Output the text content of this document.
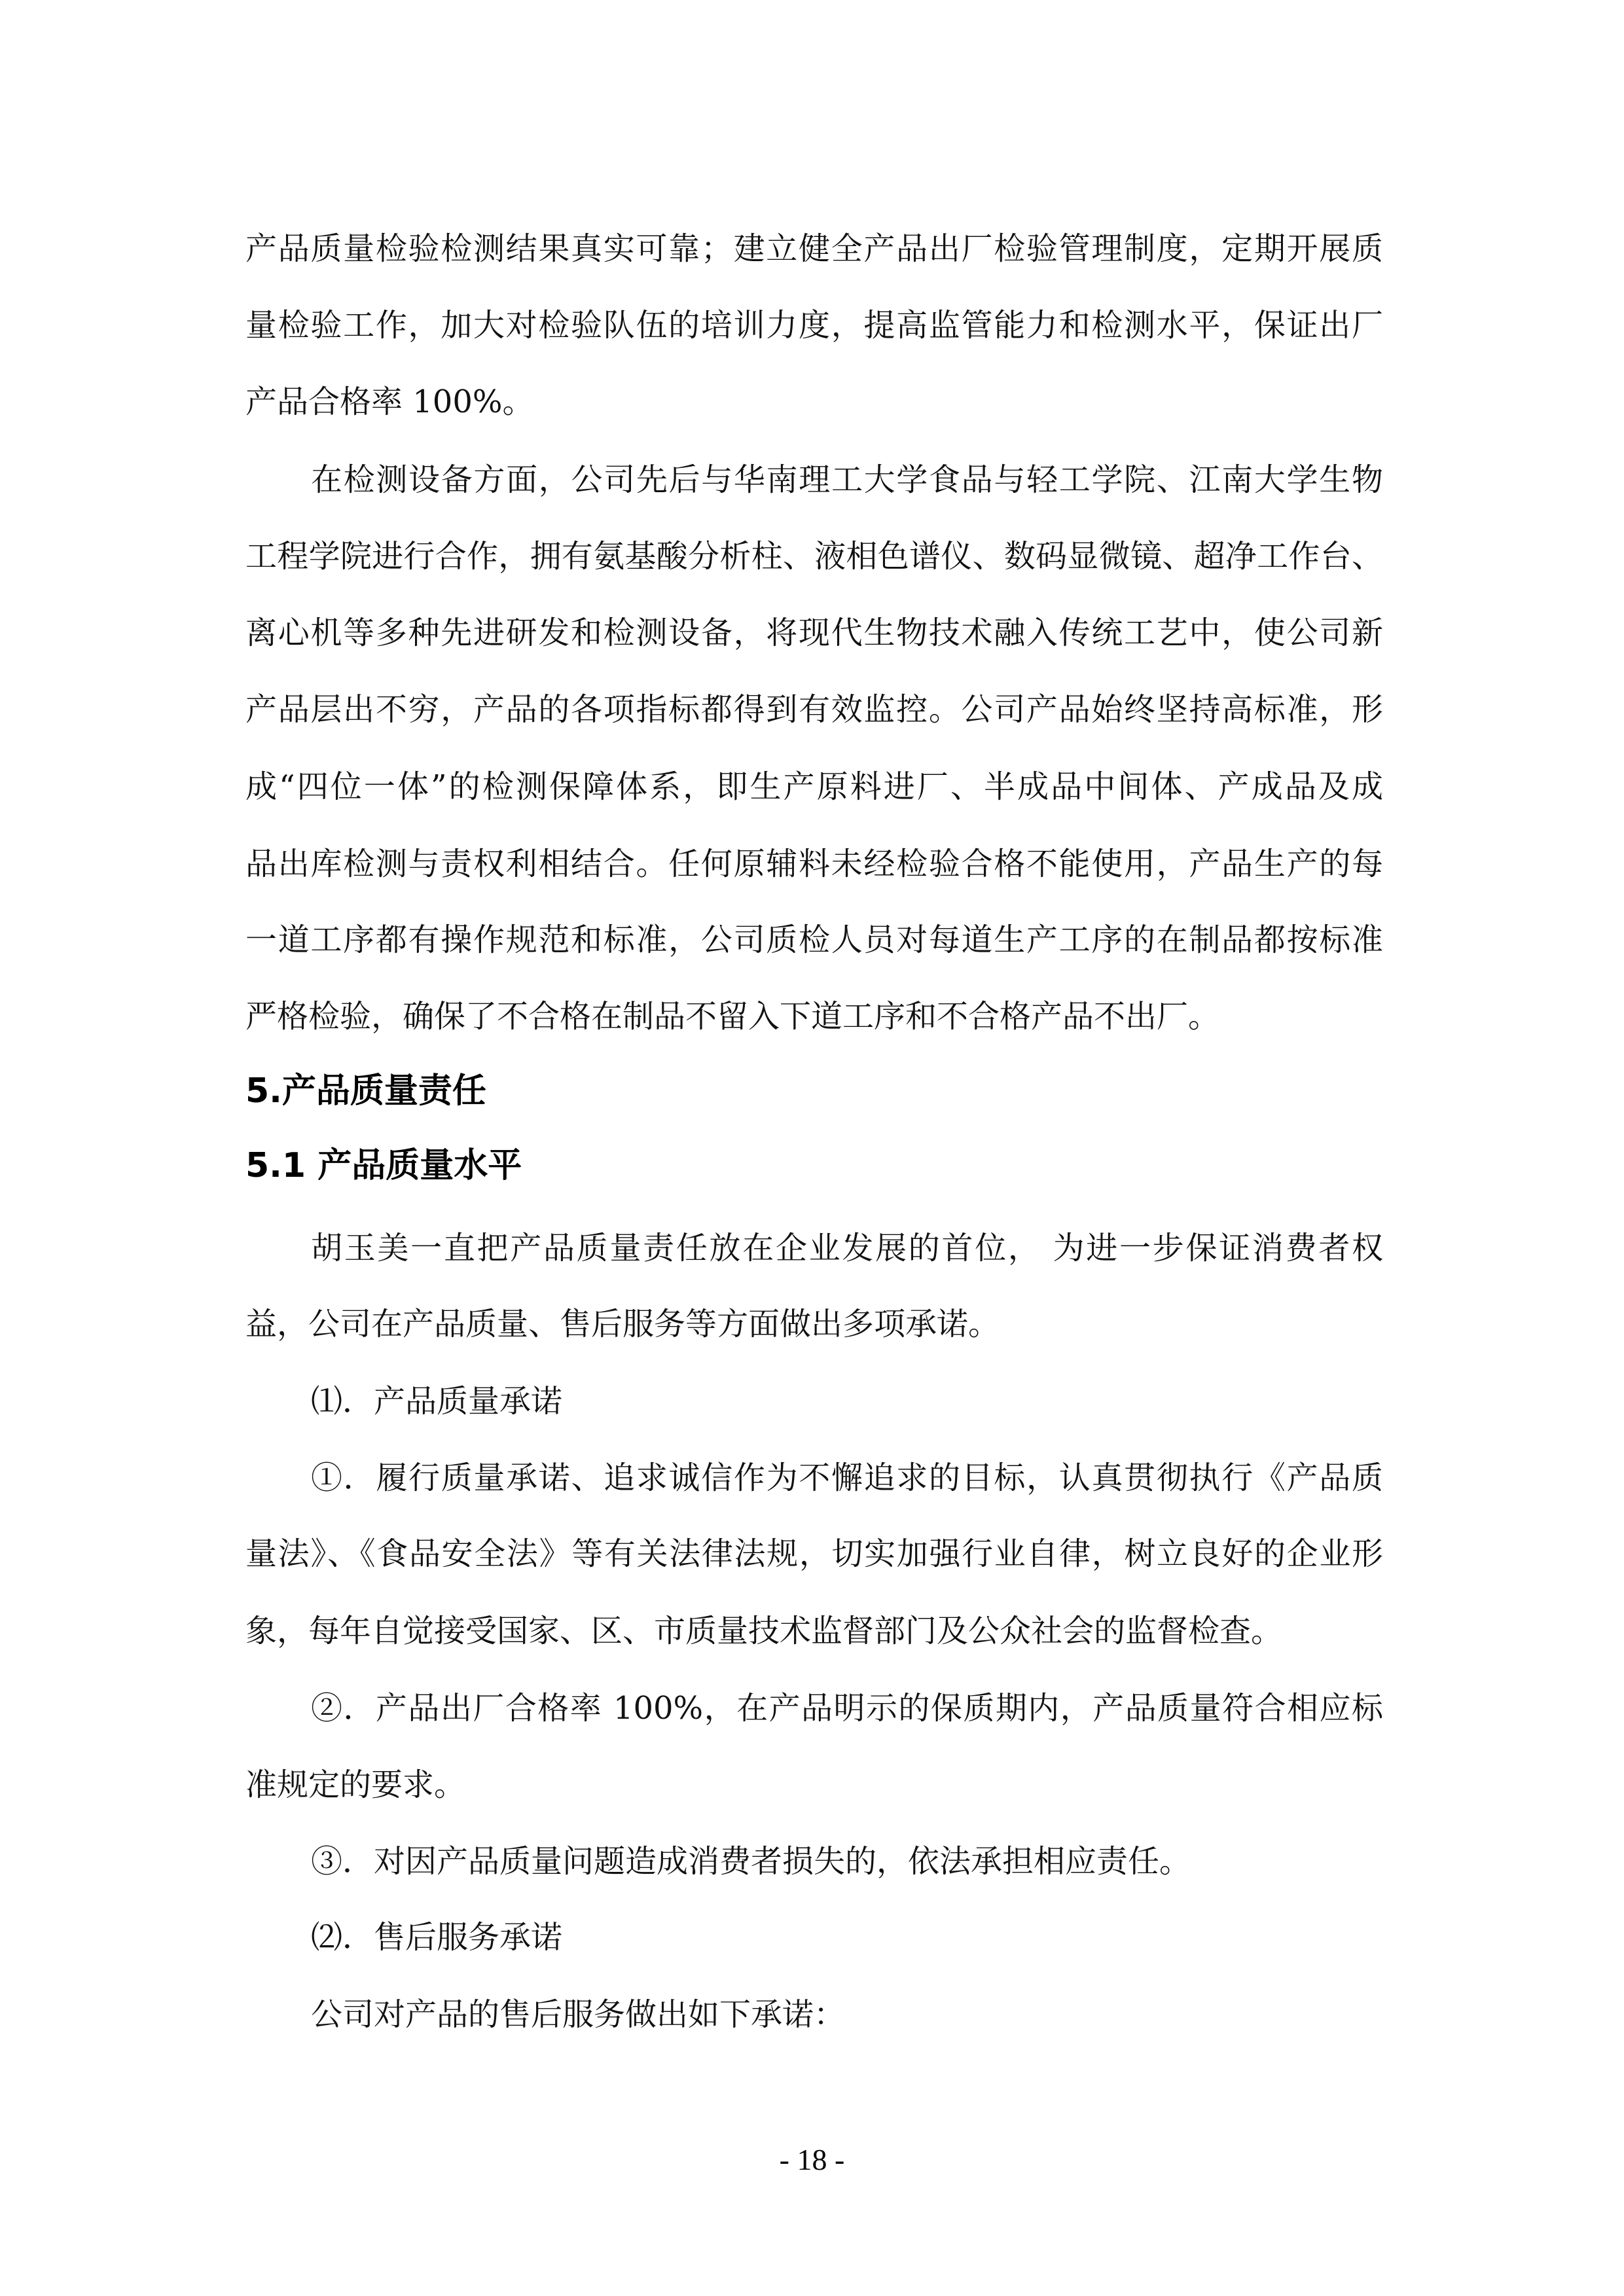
产品质量检验检测结果真实可靠；建立健全产品出厂检验管理制度，定期开展质
量检验工作，加大对检验队伍的培训力度，提高监管能力和检测水平，保证出厂
产品合格率 100%。
在检测设备方面，公司先后与华南理工大学食品与轻工学院、江南大学生物
工程学院进行合作，拥有氨基酸分析柱、液相色谱仪、数码显微镜、超净工作台、
离心机等多种先进研发和检测设备，将现代生物技术融入传统工艺中，使公司新
产品层出不穷，产品的各项指标都得到有效监控。公司产品始终坚持高标准，形
成“四位一体”的检测保障体系，即生产原料进厂、半成品中间体、产成品及成
品出库检测与责权利相结合。任何原辅料未经检验合格不能使用，产品生产的每
一道工序都有操作规范和标准，公司质检人员对每道生产工序的在制品都按标准
严格检验，确保了不合格在制品不留入下道工序和不合格产品不出厂。
5.产品质量责任
5.1 产品质量水平
胡玉美一直把产品质量责任放在企业发展的首位， 为进一步保证消费者权
益，公司在产品质量、售后服务等方面做出多项承诺。
⑴．产品质量承诺
①．履行质量承诺、追求诚信作为不懈追求的目标，认真贯彻执行《产品质
量法》、《食品安全法》等有关法律法规，切实加强行业自律，树立良好的企业形
象，每年自觉接受国家、区、市质量技术监督部门及公众社会的监督检查。
②．产品出厂合格率 100%，在产品明示的保质期内，产品质量符合相应标
准规定的要求。
③．对因产品质量问题造成消费者损失的，依法承担相应责任。
⑵．售后服务承诺
公司对产品的售后服务做出如下承诺：
- 18 -
